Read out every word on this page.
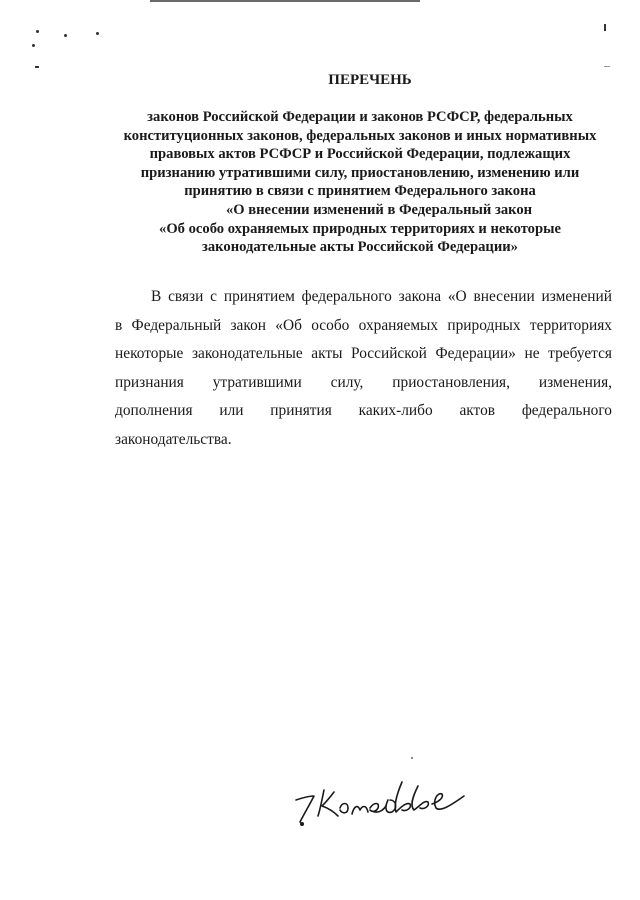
ПЕРЕЧЕНЬ
законов Российской Федерации и законов РСФСР, федеральных
конституционных законов, федеральных законов и иных нормативных
правовых актов РСФСР и Российской Федерации, подлежащих
признанию утратившими силу, приостановлению, изменению или
принятию в связи с принятием Федерального закона
«О внесении изменений в Федеральный закон
«Об особо охраняемых природных территориях и некоторые
законодательные акты Российской Федерации»
В связи с принятием федерального закона «О внесении изменений
в Федеральный закон «Об особо охраняемых природных территориях
некоторые законодательные акты Российской Федерации» не требуется
признания утратившими силу, приостановления, изменения,
дополнения или принятия каких-либо актов федерального
законодательства.
